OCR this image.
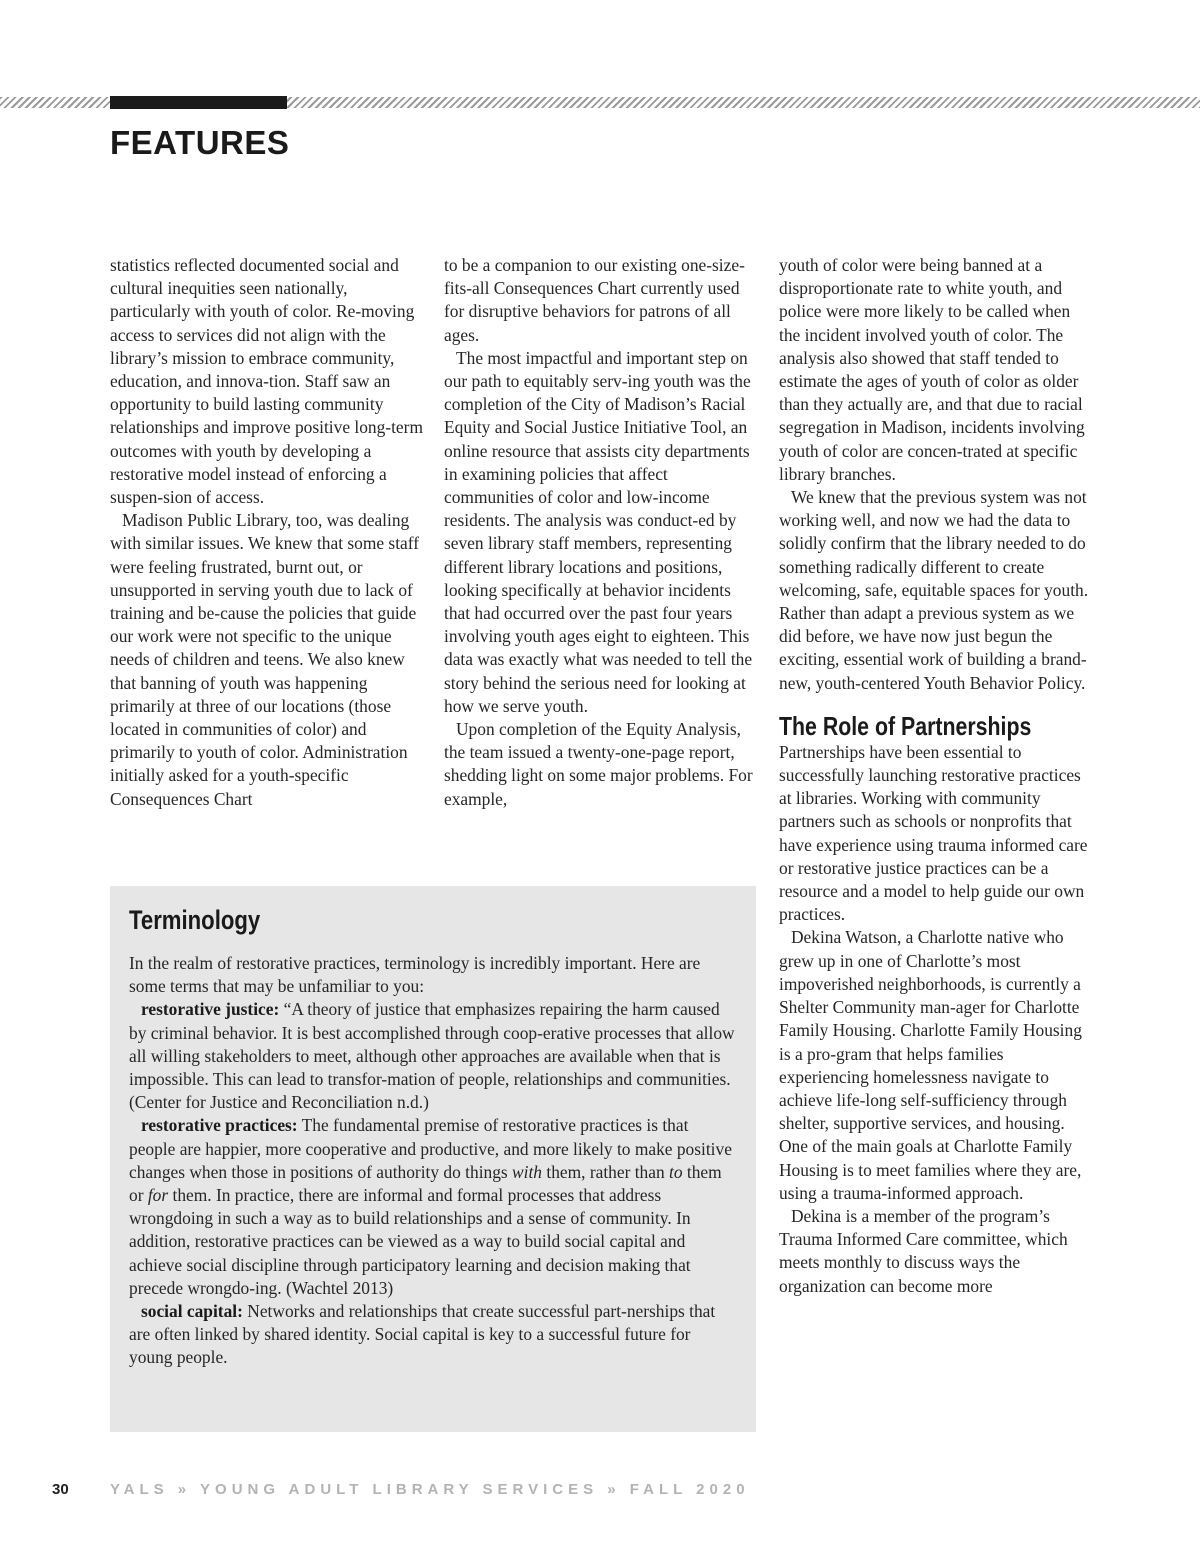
FEATURES

statistics reflected documented social and cultural inequities seen nationally, particularly with youth of color. Re-moving access to services did not align with the library’s mission to embrace community, education, and innova-tion. Staff saw an opportunity to build lasting community relationships and improve positive long-term outcomes with youth by developing a restorative model instead of enforcing a suspen-sion of access.

Madison Public Library, too, was dealing with similar issues. We knew that some staff were feeling frustrated, burnt out, or unsupported in serving youth due to lack of training and be-cause the policies that guide our work were not specific to the unique needs of children and teens. We also knew that banning of youth was happening primarily at three of our locations (those located in communities of color) and primarily to youth of color. Administration initially asked for a youth-specific Consequences Chart

to be a companion to our existing one-size-fits-all Consequences Chart currently used for disruptive behaviors for patrons of all ages.

The most impactful and important step on our path to equitably serv-ing youth was the completion of the City of Madison’s Racial Equity and Social Justice Initiative Tool, an online resource that assists city departments in examining policies that affect communities of color and low-income residents. The analysis was conduct-ed by seven library staff members, representing different library locations and positions, looking specifically at behavior incidents that had occurred over the past four years involving youth ages eight to eighteen. This data was exactly what was needed to tell the story behind the serious need for looking at how we serve youth.

Upon completion of the Equity Analysis, the team issued a twenty-one-page report, shedding light on some major problems. For example,

youth of color were being banned at a disproportionate rate to white youth, and police were more likely to be called when the incident involved youth of color. The analysis also showed that staff tended to estimate the ages of youth of color as older than they actually are, and that due to racial segregation in Madison, incidents involving youth of color are concen-trated at specific library branches.

We knew that the previous system was not working well, and now we had the data to solidly confirm that the library needed to do something radically different to create welcoming, safe, equitable spaces for youth. Rather than adapt a previous system as we did before, we have now just begun the exciting, essential work of building a brand-new, youth-centered Youth Behavior Policy.

The Role of Partnerships

Partnerships have been essential to successfully launching restorative practices at libraries. Working with community partners such as schools or nonprofits that have experience using trauma informed care or restorative justice practices can be a resource and a model to help guide our own practices.

Dekina Watson, a Charlotte native who grew up in one of Charlotte’s most impoverished neighborhoods, is currently a Shelter Community man-ager for Charlotte Family Housing. Charlotte Family Housing is a pro-gram that helps families experiencing homelessness navigate to achieve life-long self-sufficiency through shelter, supportive services, and housing. One of the main goals at Charlotte Family Housing is to meet families where they are, using a trauma-informed approach.

Dekina is a member of the program’s Trauma Informed Care committee, which meets monthly to discuss ways the organization can become more

Terminology

In the realm of restorative practices, terminology is incredibly important. Here are some terms that may be unfamiliar to you:

restorative justice: “A theory of justice that emphasizes repairing the harm caused by criminal behavior. It is best accomplished through coop-erative processes that allow all willing stakeholders to meet, although other approaches are available when that is impossible. This can lead to transfor-mation of people, relationships and communities. (Center for Justice and Reconciliation n.d.)

restorative practices: The fundamental premise of restorative practices is that people are happier, more cooperative and productive, and more likely to make positive changes when those in positions of authority do things with them, rather than to them or for them. In practice, there are informal and formal processes that address wrongdoing in such a way as to build relationships and a sense of community. In addition, restorative practices can be viewed as a way to build social capital and achieve social discipline through participatory learning and decision making that precede wrongdo-ing. (Wachtel 2013)

social capital: Networks and relationships that create successful part-nerships that are often linked by shared identity. Social capital is key to a successful future for young people.

30	YALS » YOUNG ADULT LIBRARY SERVICES » FALL 2020
